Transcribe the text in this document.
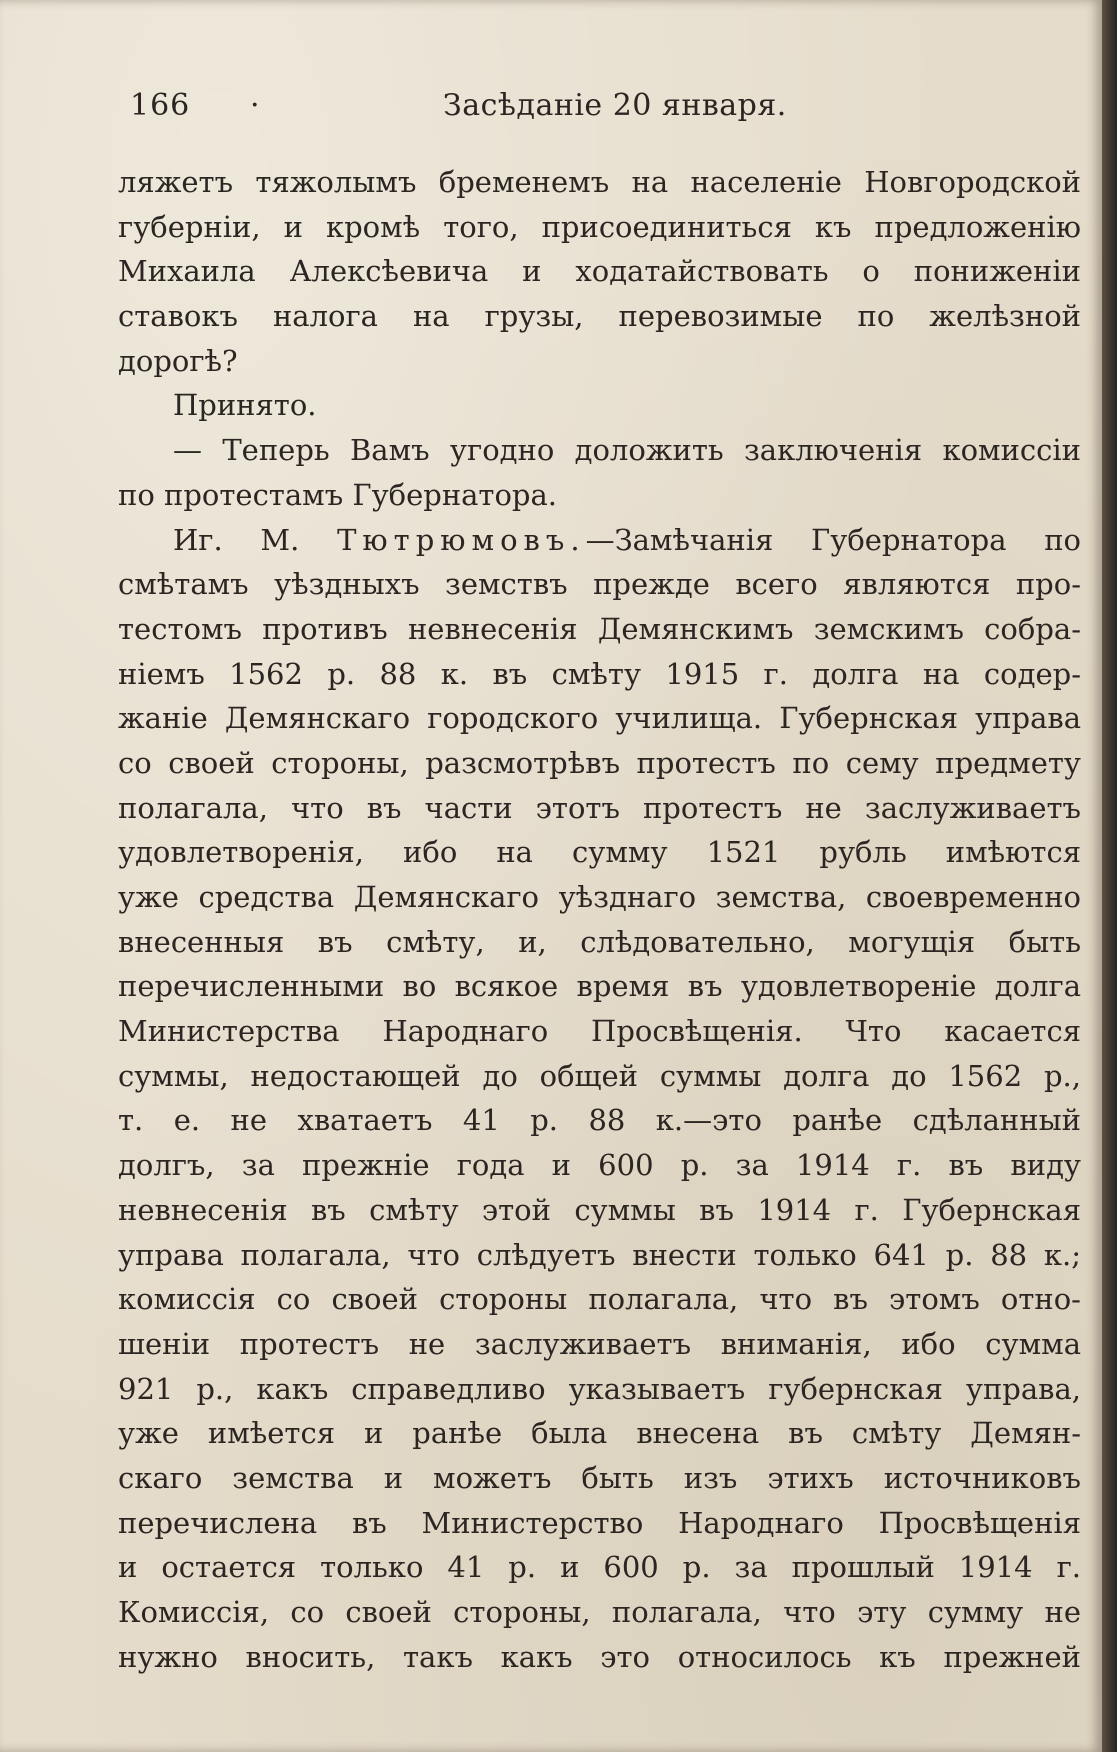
166 ·	Засѣданіе 20 января.
ляжетъ тяжолымъ бременемъ на населеніе Новгородской
губерніи, и кромѣ того, присоединиться къ предложенію
Михаила Алексѣевича и ходатайствовать о пониженіи
ставокъ налога на грузы, перевозимые по желѣзной
дорогѣ?
Принято.
— Теперь Вамъ угодно доложить заключенія комиссіи
по протестамъ Губернатора.
Иг. М. Тютрюмовъ.—Замѣчанія Губернатора по
смѣтамъ уѣздныхъ земствъ прежде всего являются про-
тестомъ противъ невнесенія Демянскимъ земскимъ собра-
ніемъ 1562 р. 88 к. въ смѣту 1915 г. долга на содер-
жаніе Демянскаго городского училища. Губернская управа
со своей стороны, разсмотрѣвъ протестъ по сему предмету
полагала, что въ части этотъ протестъ не заслуживаетъ
удовлетворенія, ибо на сумму 1521 рубль имѣются
уже средства Демянскаго уѣзднаго земства, своевременно
внесенныя въ смѣту, и, слѣдовательно, могущія быть
перечисленными во всякое время въ удовлетвореніе долга
Министерства Народнаго Просвѣщенія. Что касается
суммы, недостающей до общей суммы долга до 1562 р.,
т. е. не хватаетъ 41 р. 88 к.—это ранѣе сдѣланный
долгъ, за прежніе года и 600 р. за 1914 г. въ виду
невнесенія въ смѣту этой суммы въ 1914 г. Губернская
управа полагала, что слѣдуетъ внести только 641 р. 88 к.;
комиссія со своей стороны полагала, что въ этомъ отно-
шеніи протестъ не заслуживаетъ вниманія, ибо сумма
921 р., какъ справедливо указываетъ губернская управа,
уже имѣется и ранѣе была внесена въ смѣту Демян-
скаго земства и можетъ быть изъ этихъ источниковъ
перечислена въ Министерство Народнаго Просвѣщенія
и остается только 41 р. и 600 р. за прошлый 1914 г.
Комиссія, со своей стороны, полагала, что эту сумму не
нужно вносить, такъ какъ это относилось къ прежней
